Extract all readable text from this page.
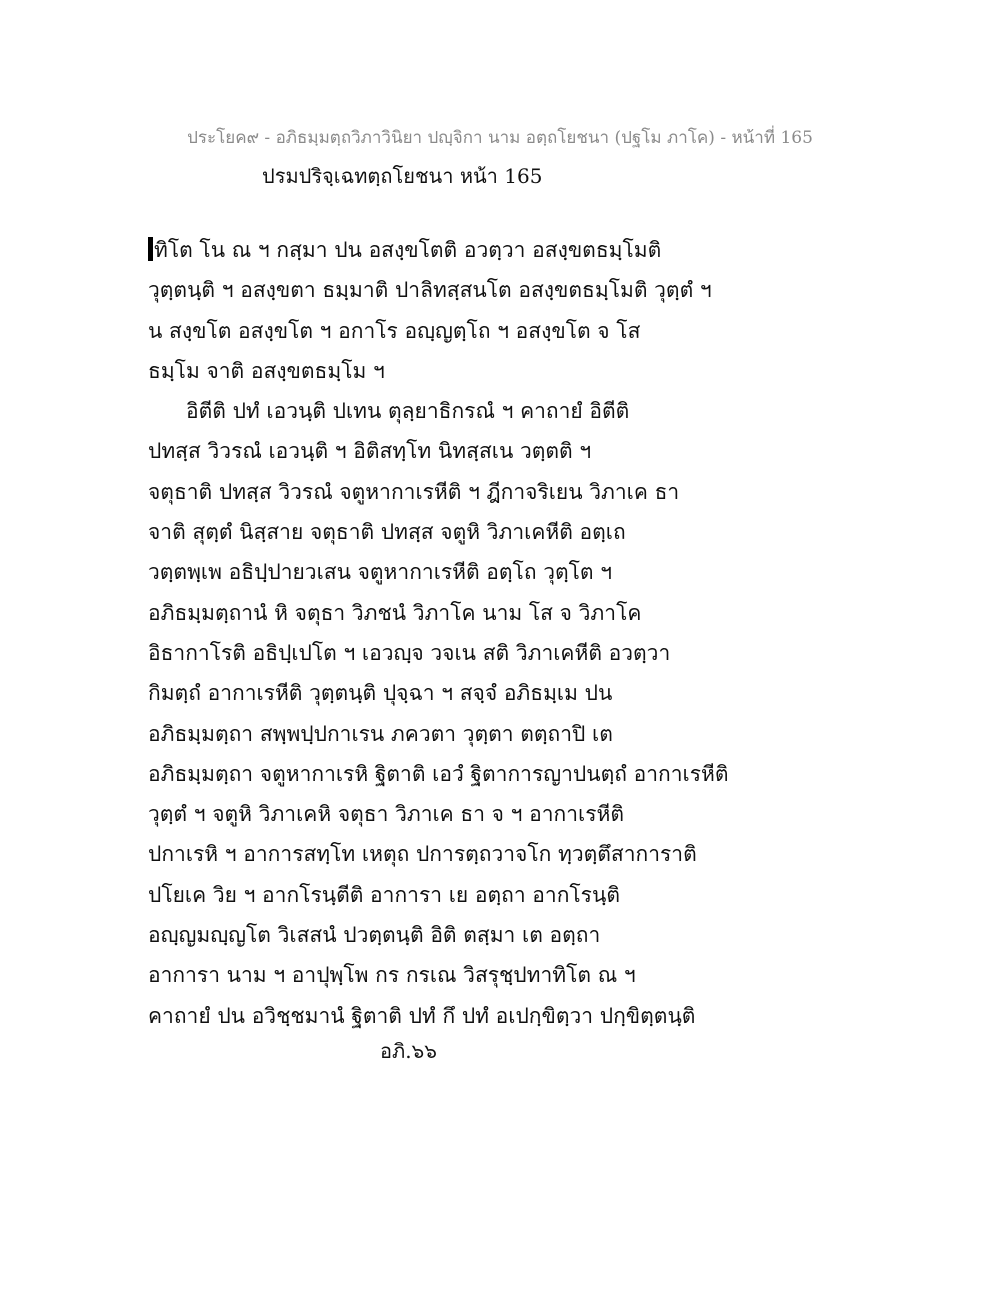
ประโยค๙ - อภิธมฺมตฺถวิภาวินิยา ปญฺจิกา นาม อตฺถโยชนา (ปฐโม ภาโค) - หน้าที่ 165
ปรมปริจฺเฉทตฺถโยชนา หน้า 165
ทิโต โน ณ ฯ กสฺมา ปน อสงฺขโตติ อวตฺวา อสงฺขตธมฺโมติ
วุตฺตนฺติ ฯ อสงฺขตา ธมฺมาติ ปาลิทสฺสนโต อสงฺขตธมฺโมติ วุตฺตํ ฯ
น สงฺขโต อสงฺขโต ฯ อกาโร อญฺญตฺโถ ฯ อสงฺขโต จ โส
ธมฺโม จาติ อสงฺขตธมฺโม ฯ
อิตีติ ปทํ เอวนฺติ ปเทน ตุลฺยาธิกรณํ ฯ คาถายํ อิตีติ
ปทสฺส วิวรณํ เอวนฺติ ฯ อิติสทฺโท นิทสฺสเน วตฺตติ ฯ
จตุธาติ ปทสฺส วิวรณํ จตูหากาเรหีติ ฯ ฎีกาจริเยน วิภาเค ธา
จาติ สุตฺตํ นิสฺสาย จตุธาติ ปทสฺส จตูหิ วิภาเคหีติ อตฺเถ
วตฺตพฺเพ อธิปฺปายวเสน จตูหากาเรหีติ อตฺโถ วุตฺโต ฯ
อภิธมฺมตฺถานํ หิ จตุธา วิภชนํ วิภาโค นาม โส จ วิภาโค
อิธากาโรติ อธิปฺเปโต ฯ เอวญฺจ วจเน สติ วิภาเคหีติ อวตฺวา
กิมตฺถํ อากาเรหีติ วุตฺตนฺติ ปุจฺฉา ฯ สจฺจํ อภิธมฺเม ปน
อภิธมฺมตฺถา สพฺพปฺปกาเรน ภควตา วุตฺตา ตตฺถาปิ เต
อภิธมฺมตฺถา จตูหากาเรหิ ฐิตาติ เอวํ ฐิตาการญาปนตฺถํ อากาเรหีติ
วุตฺตํ ฯ จตูหิ วิภาเคหิ จตุธา วิภาเค ธา จ ฯ อากาเรหีติ
ปกาเรหิ ฯ อาการสทฺโท เหตุถ ปการตฺถวาจโก ทฺวตฺตึสาการาติ
ปโยเค วิย ฯ อากโรนฺตีติ อาการา เย อตฺถา อากโรนฺติ
อญฺญมญฺญโต วิเสสนํ ปวตฺตนฺติ อิติ ตสฺมา เต อตฺถา
อาการา นาม ฯ อาปุพฺโพ กร กรเณ วิสรุชฺปทาทิโต ณ ฯ
คาถายํ ปน อวิชฺชมานํ ฐิตาติ ปทํ กึ ปทํ อเปกฺขิตฺวา ปกฺขิตฺตนฺติ
อภิ.๖๖
